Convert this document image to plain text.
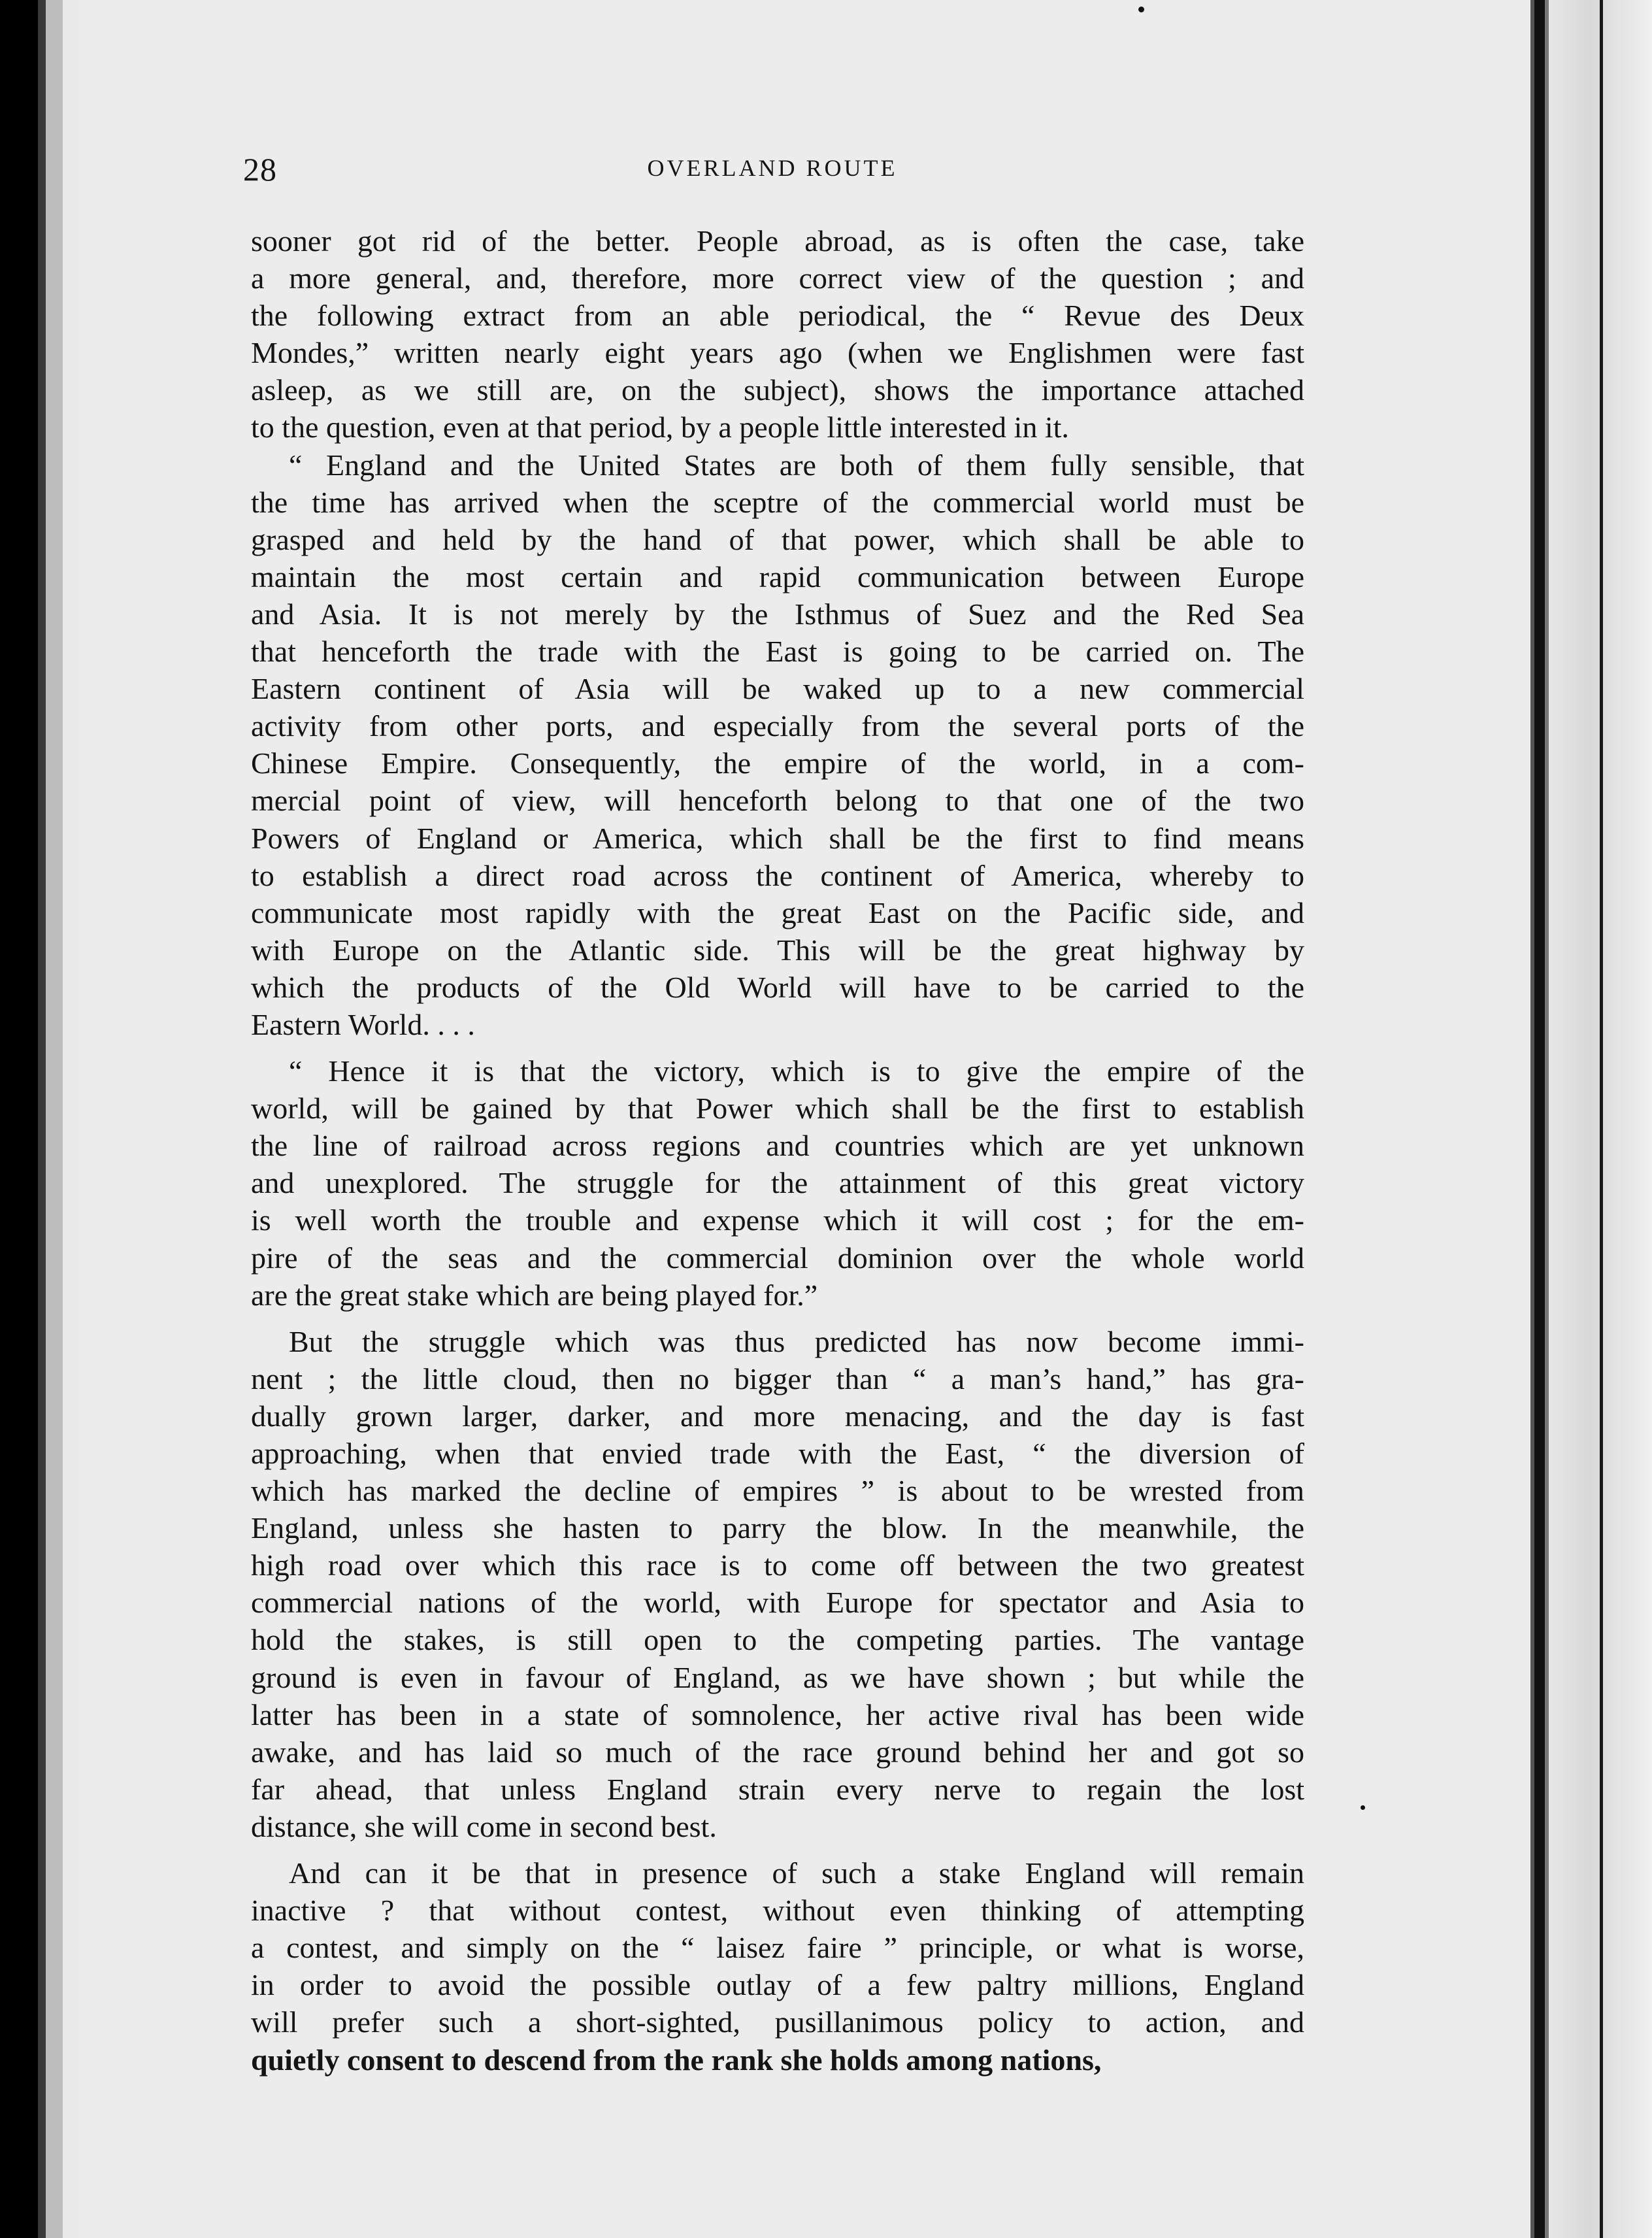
28	OVERLAND ROUTE
sooner got rid of the better. People abroad, as is often the case, take
a more general, and, therefore, more correct view of the question ; and
the following extract from an able periodical, the “ Revue des Deux
Mondes,” written nearly eight years ago (when we Englishmen were fast
asleep, as we still are, on the subject), shows the importance attached
to the question, even at that period, by a people little interested in it.
“ England and the United States are both of them fully sensible, that
the time has arrived when the sceptre of the commercial world must be
grasped and held by the hand of that power, which shall be able to
maintain the most certain and rapid communication between Europe
and Asia. It is not merely by the Isthmus of Suez and the Red Sea
that henceforth the trade with the East is going to be carried on. The
Eastern continent of Asia will be waked up to a new commercial
activity from other ports, and especially from the several ports of the
Chinese Empire. Consequently, the empire of the world, in a com-
mercial point of view, will henceforth belong to that one of the two
Powers of England or America, which shall be the first to find means
to establish a direct road across the continent of America, whereby to
communicate most rapidly with the great East on the Pacific side, and
with Europe on the Atlantic side. This will be the great highway by
which the products of the Old World will have to be carried to the
Eastern World. . . .
“ Hence it is that the victory, which is to give the empire of the
world, will be gained by that Power which shall be the first to establish
the line of railroad across regions and countries which are yet unknown
and unexplored. The struggle for the attainment of this great victory
is well worth the trouble and expense which it will cost ; for the em-
pire of the seas and the commercial dominion over the whole world
are the great stake which are being played for.”
But the struggle which was thus predicted has now become immi-
nent ; the little cloud, then no bigger than “ a man’s hand,” has gra-
dually grown larger, darker, and more menacing, and the day is fast
approaching, when that envied trade with the East, “ the diversion of
which has marked the decline of empires ” is about to be wrested from
England, unless she hasten to parry the blow. In the meanwhile, the
high road over which this race is to come off between the two greatest
commercial nations of the world, with Europe for spectator and Asia to
hold the stakes, is still open to the competing parties. The vantage
ground is even in favour of England, as we have shown ; but while the
latter has been in a state of somnolence, her active rival has been wide
awake, and has laid so much of the race ground behind her and got so
far ahead, that unless England strain every nerve to regain the lost
distance, she will come in second best.
And can it be that in presence of such a stake England will remain
inactive ? that without contest, without even thinking of attempting
a contest, and simply on the “ laisez faire ” principle, or what is worse,
in order to avoid the possible outlay of a few paltry millions, England
will prefer such a short-sighted, pusillanimous policy to action, and
quietly consent to descend from the rank she holds among nations,
